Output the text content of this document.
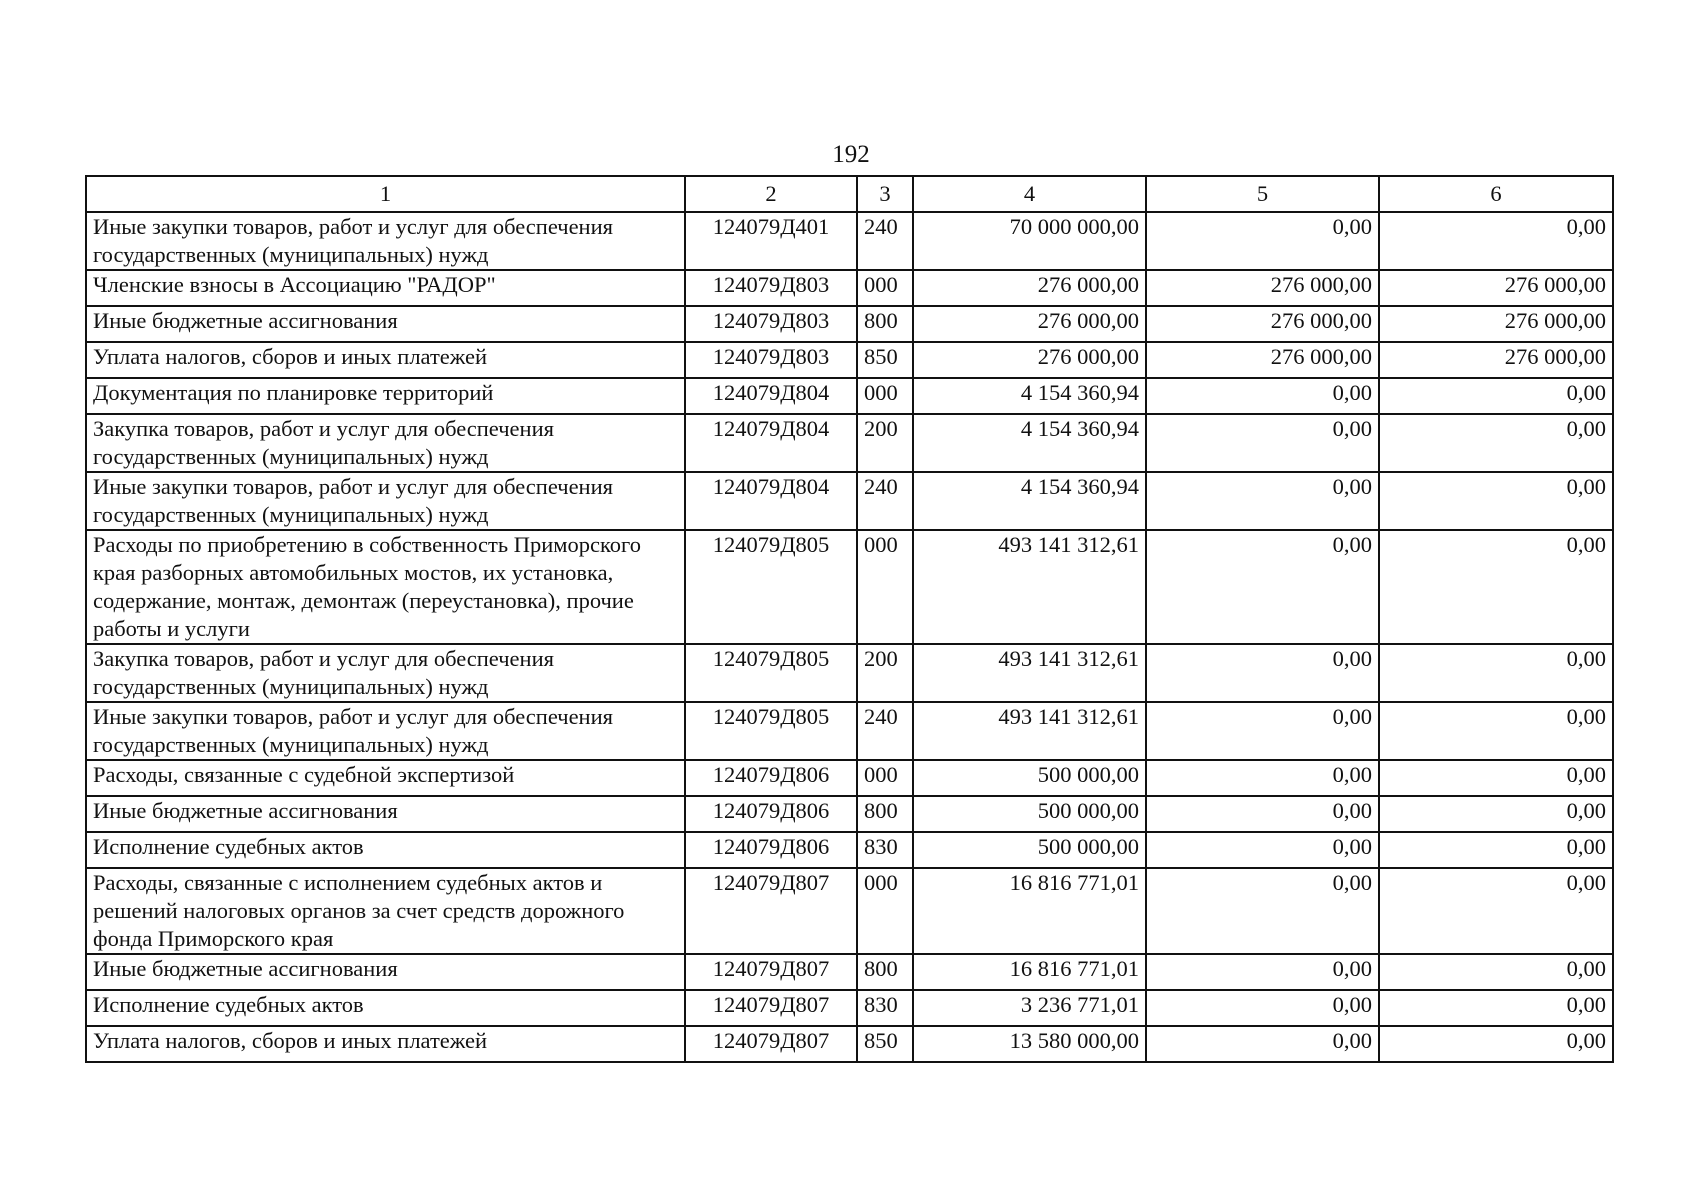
192
1	2	3	4	5	6
Иные закупки товаров, работ и услуг для обеспечения государственных (муниципальных) нужд	124079Д401	240	70 000 000,00	0,00	0,00
Членские взносы в Ассоциацию "РАДОР"	124079Д803	000	276 000,00	276 000,00	276 000,00
Иные бюджетные ассигнования	124079Д803	800	276 000,00	276 000,00	276 000,00
Уплата налогов, сборов и иных платежей	124079Д803	850	276 000,00	276 000,00	276 000,00
Документация по планировке территорий	124079Д804	000	4 154 360,94	0,00	0,00
Закупка товаров, работ и услуг для обеспечения государственных (муниципальных) нужд	124079Д804	200	4 154 360,94	0,00	0,00
Иные закупки товаров, работ и услуг для обеспечения государственных (муниципальных) нужд	124079Д804	240	4 154 360,94	0,00	0,00
Расходы по приобретению в собственность Приморского края разборных автомобильных мостов, их установка, содержание, монтаж, демонтаж (переустановка), прочие работы и услуги	124079Д805	000	493 141 312,61	0,00	0,00
Закупка товаров, работ и услуг для обеспечения государственных (муниципальных) нужд	124079Д805	200	493 141 312,61	0,00	0,00
Иные закупки товаров, работ и услуг для обеспечения государственных (муниципальных) нужд	124079Д805	240	493 141 312,61	0,00	0,00
Расходы, связанные с судебной экспертизой	124079Д806	000	500 000,00	0,00	0,00
Иные бюджетные ассигнования	124079Д806	800	500 000,00	0,00	0,00
Исполнение судебных актов	124079Д806	830	500 000,00	0,00	0,00
Расходы, связанные с исполнением судебных актов и решений налоговых органов за счет средств дорожного фонда Приморского края	124079Д807	000	16 816 771,01	0,00	0,00
Иные бюджетные ассигнования	124079Д807	800	16 816 771,01	0,00	0,00
Исполнение судебных актов	124079Д807	830	3 236 771,01	0,00	0,00
Уплата налогов, сборов и иных платежей	124079Д807	850	13 580 000,00	0,00	0,00
